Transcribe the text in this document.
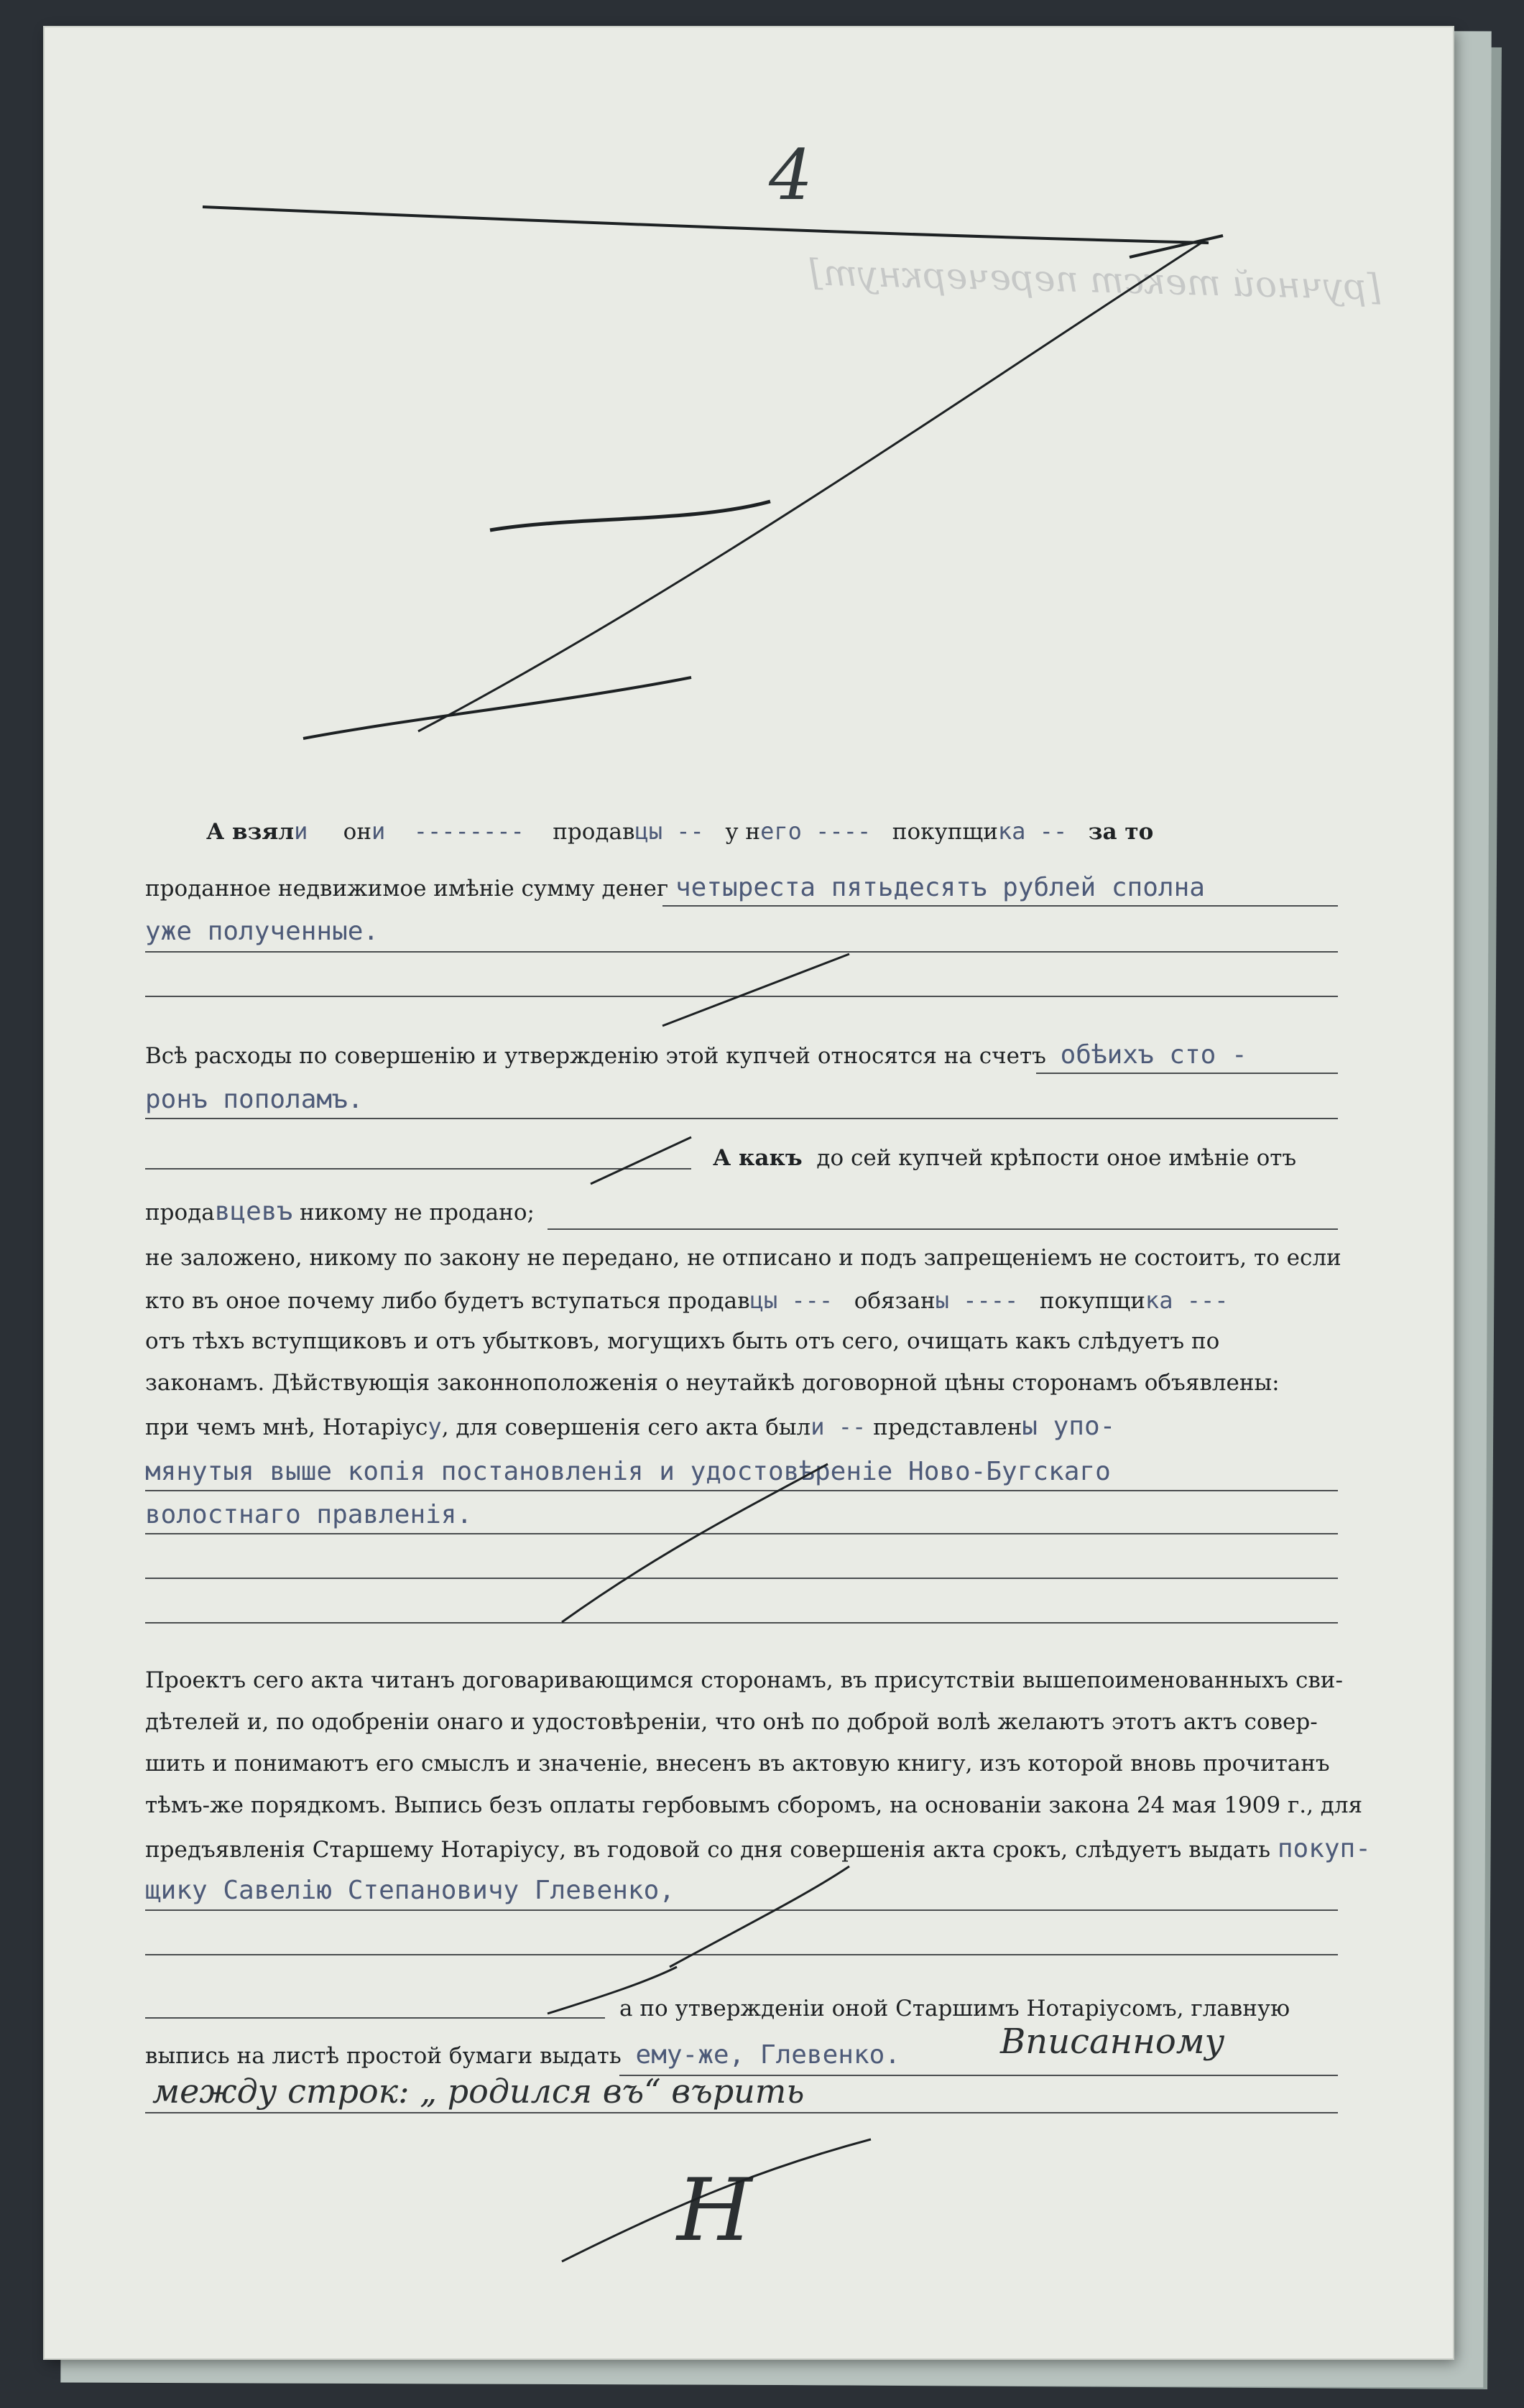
[ручной текст перечеркнут]
4
А взяли они -------- продавцы -- у него ---- покупщика -- за то
проданное недвижимое имѣніе сумму денег четыреста пятьдесятъ рублей сполна
уже полученные.
Всѣ расходы по совершенію и утвержденію этой купчей относятся на счетъ обѣихъ сто -
ронъ пополамъ.
А какъ до сей купчей крѣпости оное имѣніе отъ
продавцевъ никому не продано;
не заложено, никому по закону не передано, не отписано и подъ запрещеніемъ не состоитъ, то если
кто въ оное почему либо будетъ вступаться продавцы --- обязаны ---- покупщика ---
отъ тѣхъ вступщиковъ и отъ убытковъ, могущихъ быть отъ сего, очищать какъ слѣдуетъ по
законамъ. Дѣйствующія законноположенія о неутайкѣ договорной цѣны сторонамъ объявлены:
при чемъ мнѣ, Нотаріусу, для совершенія сего акта были -- представлены упо-
мянутыя выше копія постановленія и удостовѣреніе Ново-Бугскаго
волостнаго правленія.
Проектъ сего акта читанъ договаривающимся сторонамъ, въ присутствіи вышепоименованныхъ сви-
дѣтелей и, по одобреніи онаго и удостовѣреніи, что онѣ по доброй волѣ желаютъ этотъ актъ совер-
шить и понимаютъ его смыслъ и значеніе, внесенъ въ актовую книгу, изъ которой вновь прочитанъ
тѣмъ-же порядкомъ. Выпись безъ оплаты гербовымъ сборомъ, на основаніи закона 24 мая 1909 г., для
предъявленія Старшему Нотаріусу, въ годовой со дня совершенія акта срокъ, слѣдуетъ выдать покуп-
щику Савелію Степановичу Глевенко,
а по утвержденіи оной Старшимъ Нотаріусомъ, главную
выпись на листѣ простой бумаги выдать ему-же, Глевенко.	Вписанному
между строк: „ родился въ“ върить
Н
